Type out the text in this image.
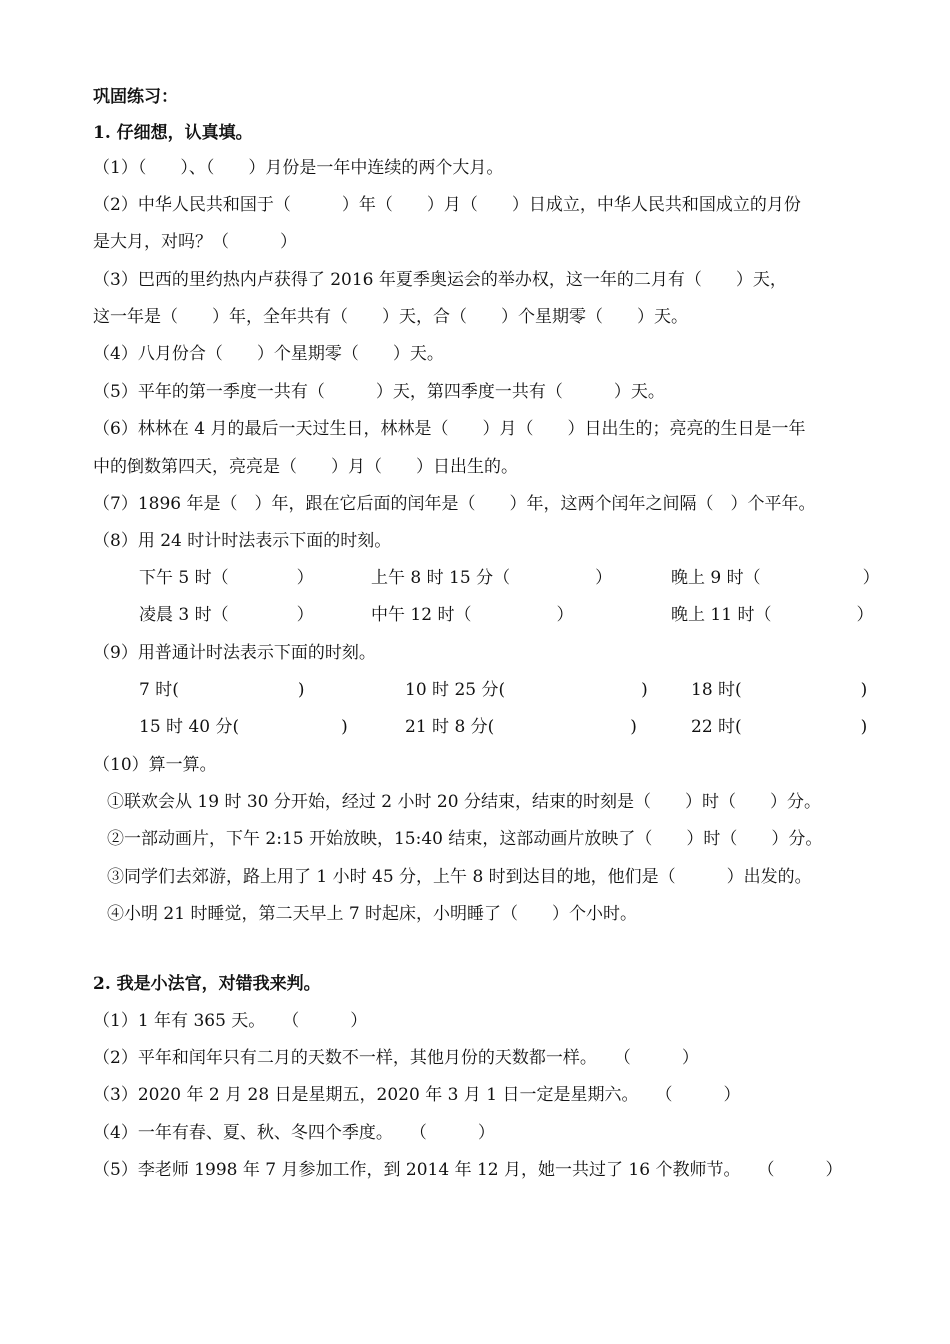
巩固练习：
1. 仔细想，认真填。
（1）（　　）、（　　）月份是一年中连续的两个大月。
（2）中华人民共和国于（　　　）年（　　）月（　　）日成立，中华人民共和国成立的月份
是大月，对吗？（　　　）
（3）巴西的里约热内卢获得了 2016 年夏季奥运会的举办权，这一年的二月有（　　）天，
这一年是（　　）年，全年共有（　　）天，合（　　）个星期零（　　）天。
（4）八月份合（　　）个星期零（　　）天。
（5）平年的第一季度一共有（　　　）天，第四季度一共有（　　　）天。
（6）林林在 4 月的最后一天过生日，林林是（　　）月（　　）日出生的；亮亮的生日是一年
中的倒数第四天，亮亮是（　　）月（　　）日出生的。
（7）1896 年是（　）年，跟在它后面的闰年是（　　）年，这两个闰年之间隔（　）个平年。
（8）用 24 时计时法表示下面的时刻。
下午 5 时（　　　　）	上午 8 时 15 分（　　　　　）	晚上 9 时（　　　　　　）
凌晨 3 时（　　　　）	中午 12 时（　　　　　）	晚上 11 时（　　　　　）
（9）用普通计时法表示下面的时刻。
7 时(　　　　　　　)	10 时 25 分(　　　　　　　　)	18 时(　　　　　　　)
15 时 40 分(　　　　　　)	21 时 8 分(　　　　　　　　)	22 时(　　　　　　　)
（10）算一算。
①联欢会从 19 时 30 分开始，经过 2 小时 20 分结束，结束的时刻是（　　）时（　　）分。
②一部动画片，下午 2:15 开始放映，15:40 结束，这部动画片放映了（　　）时（　　）分。
③同学们去郊游，路上用了 1 小时 45 分，上午 8 时到达目的地，他们是（　　　）出发的。
④小明 21 时睡觉，第二天早上 7 时起床，小明睡了（　　）个小时。
2. 我是小法官，对错我来判。
（1）1 年有 365 天。　　（　　　）
（2）平年和闰年只有二月的天数不一样，其他月份的天数都一样。　　（　　　）
（3）2020 年 2 月 28 日是星期五，2020 年 3 月 1 日一定是星期六。　　（　　　）
（4）一年有春、夏、秋、冬四个季度。　　（　　　）
（5）李老师 1998 年 7 月参加工作，到 2014 年 12 月，她一共过了 16 个教师节。　　（　　　）
